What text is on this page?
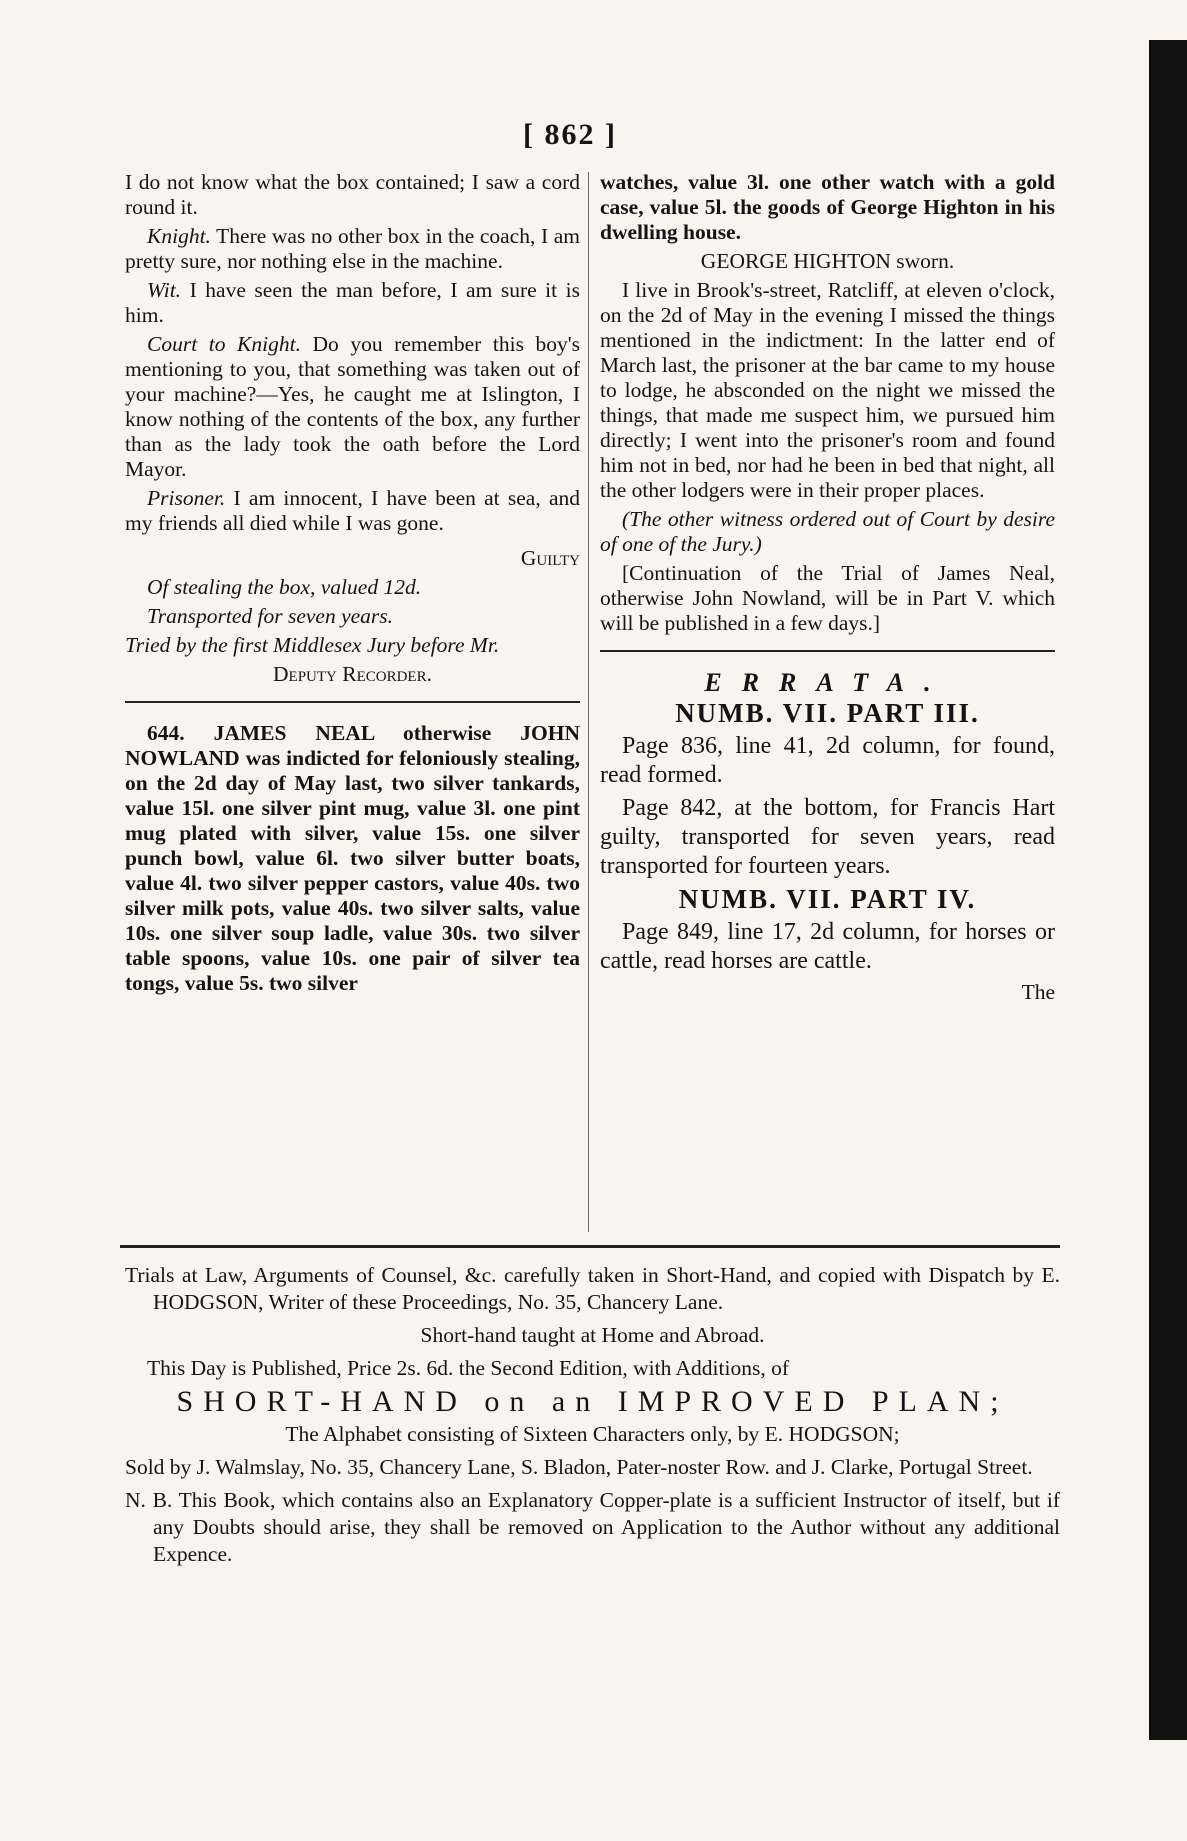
[ 862 ]

I do not know what the box contained; I saw a cord round it.

Knight. There was no other box in the coach, I am pretty sure, nor nothing else in the machine.

Wit. I have seen the man before, I am sure it is him.

Court to Knight. Do you remember this boy's mentioning to you, that something was taken out of your machine?—Yes, he caught me at Islington, I know nothing of the contents of the box, any further than as the lady took the oath before the Lord Mayor.

Prisoner. I am innocent, I have been at sea, and my friends all died while I was gone.

Guilty

Of stealing the box, valued 12d.

Transported for seven years.

Tried by the first Middlesex Jury before Mr.

Deputy Recorder.

644. JAMES NEAL otherwise JOHN NOWLAND was indicted for feloniously stealing, on the 2d day of May last, two silver tankards, value 15l. one silver pint mug, value 3l. one pint mug plated with silver, value 15s. one silver punch bowl, value 6l. two silver butter boats, value 4l. two silver pepper castors, value 40s. two silver milk pots, value 40s. two silver salts, value 10s. one silver soup ladle, value 30s. two silver table spoons, value 10s. one pair of silver tea tongs, value 5s. two silver

watches, value 3l. one other watch with a gold case, value 5l. the goods of George Highton in his dwelling house.

GEORGE HIGHTON sworn.

I live in Brook's-street, Ratcliff, at eleven o'clock, on the 2d of May in the evening I missed the things mentioned in the indictment: In the latter end of March last, the prisoner at the bar came to my house to lodge, he absconded on the night we missed the things, that made me suspect him, we pursued him directly; I went into the prisoner's room and found him not in bed, nor had he been in bed that night, all the other lodgers were in their proper places.

(The other witness ordered out of Court by desire of one of the Jury.)

[Continuation of the Trial of James Neal, otherwise John Nowland, will be in Part V. which will be published in a few days.]

ERRATA.
NUMB. VII. PART III.

Page 836, line 41, 2d column, for found, read formed.

Page 842, at the bottom, for Francis Hart guilty, transported for seven years, read transported for fourteen years.

NUMB. VII. PART IV.

Page 849, line 17, 2d column, for horses or cattle, read horses are cattle.

The

Trials at Law, Arguments of Counsel, &c. carefully taken in Short-Hand, and copied with Dispatch by E. HODGSON, Writer of these Proceedings, No. 35, Chancery Lane.

Short-hand taught at Home and Abroad.

This Day is Published, Price 2s. 6d. the Second Edition, with Additions, of

SHORT-HAND on an IMPROVED PLAN;

The Alphabet consisting of Sixteen Characters only, by E. HODGSON;

Sold by J. Walmslay, No. 35, Chancery Lane, S. Bladon, Pater-noster Row. and J. Clarke, Portugal Street.

N. B. This Book, which contains also an Explanatory Copper-plate is a sufficient Instructor of itself, but if any Doubts should arise, they shall be removed on Application to the Author without any additional Expence.
